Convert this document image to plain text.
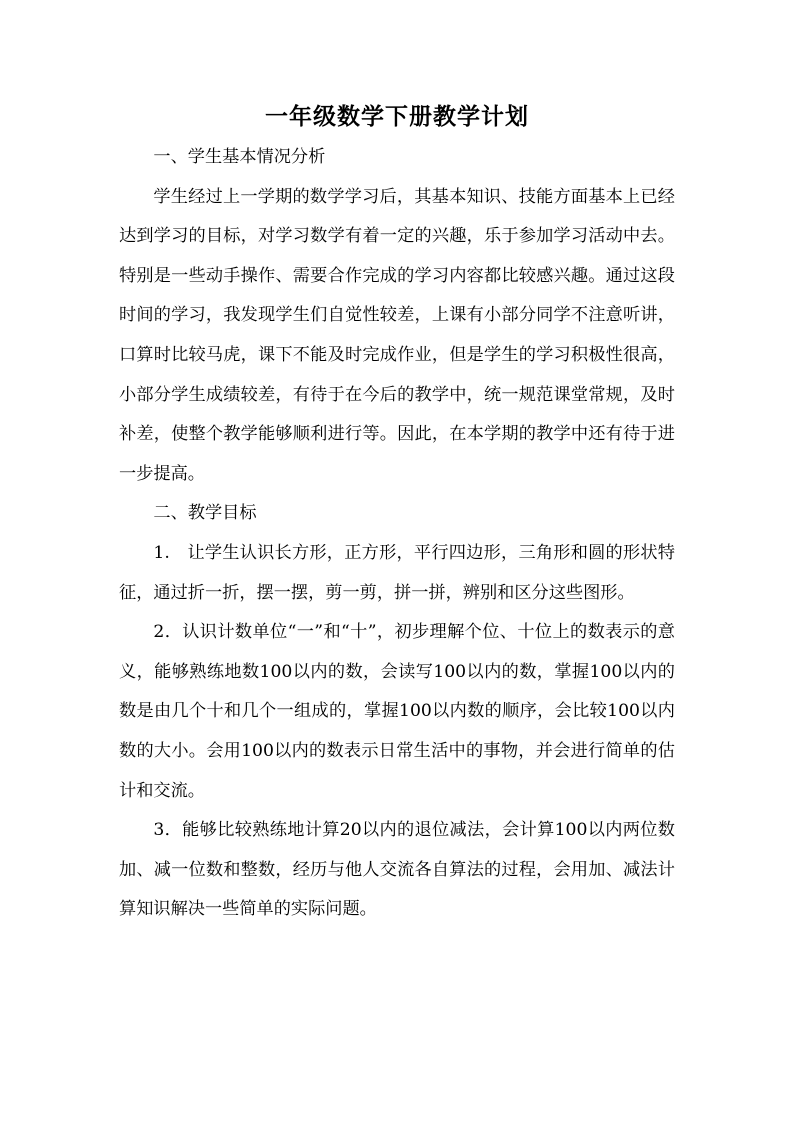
一年级数学下册教学计划

一、学生基本情况分析

学生经过上一学期的数学学习后，其基本知识、技能方面基本上已经达到学习的目标，对学习数学有着一定的兴趣，乐于参加学习活动中去。特别是一些动手操作、需要合作完成的学习内容都比较感兴趣。通过这段时间的学习，我发现学生们自觉性较差，上课有小部分同学不注意听讲，口算时比较马虎，课下不能及时完成作业，但是学生的学习积极性很高，小部分学生成绩较差，有待于在今后的教学中，统一规范课堂常规，及时补差，使整个教学能够顺利进行等。因此，在本学期的教学中还有待于进一步提高。

二、教学目标

1.　让学生认识长方形，正方形，平行四边形，三角形和圆的形状特征，通过折一折，摆一摆，剪一剪，拼一拼，辨别和区分这些图形。

2．认识计数单位“一”和“十”，初步理解个位、十位上的数表示的意义，能够熟练地数100以内的数，会读写100以内的数，掌握100以内的数是由几个十和几个一组成的，掌握100以内数的顺序，会比较100以内数的大小。会用100以内的数表示日常生活中的事物，并会进行简单的估计和交流。

3．能够比较熟练地计算20以内的退位减法，会计算100以内两位数加、减一位数和整数，经历与他人交流各自算法的过程，会用加、减法计算知识解决一些简单的实际问题。
